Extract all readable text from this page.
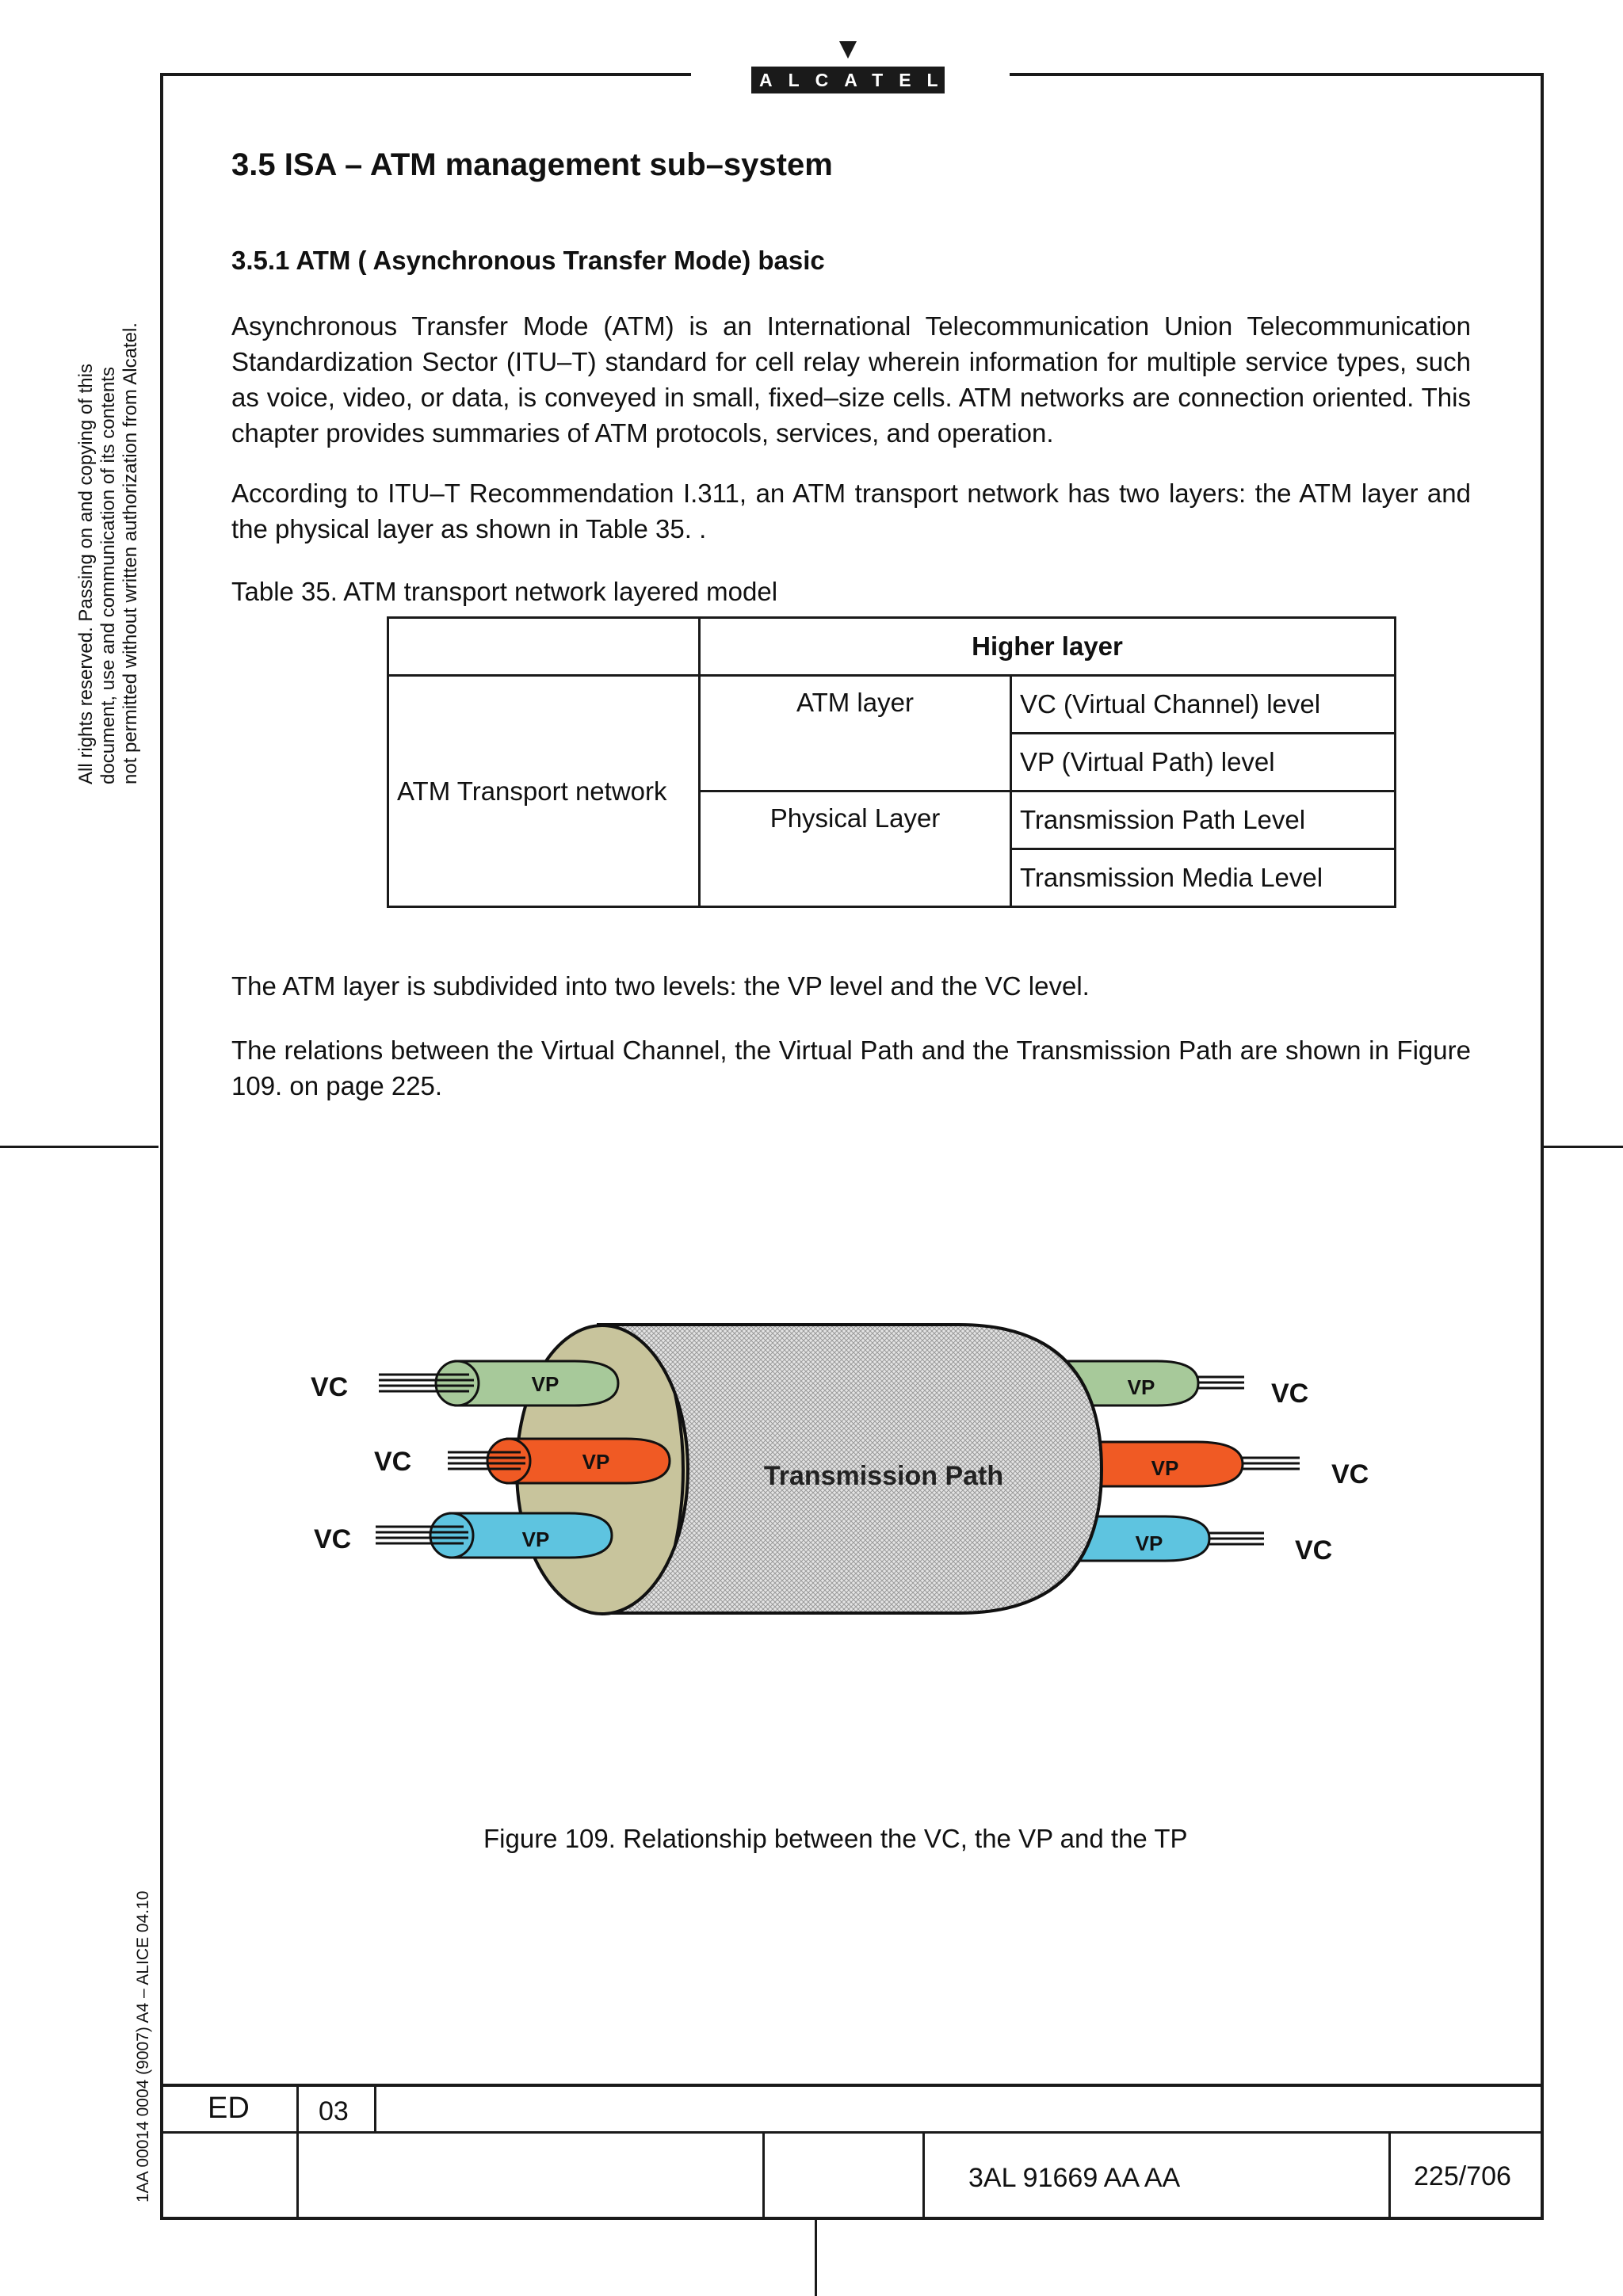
ALCATEL
All rights reserved. Passing on and copying of this document, use and communication of its contents not permitted without written authorization from Alcatel.
1AA 00014 0004 (9007) A4 – ALICE 04.10
3.5 ISA – ATM management sub–system
3.5.1 ATM ( Asynchronous Transfer Mode) basic
Asynchronous Transfer Mode (ATM) is an International Telecommunication Union Telecommunication Standardization Sector (ITU–T) standard for cell relay wherein information for multiple service types, such as voice, video, or data, is conveyed in small, fixed–size cells. ATM networks are connection oriented. This chapter provides summaries of ATM protocols, services, and operation.
According to ITU–T Recommendation I.311, an ATM transport network has two layers: the ATM layer and the physical layer as shown in Table 35. .
Table 35. ATM transport network layered model
	Higher layer	
ATM Transport network	ATM layer	VC (Virtual Channel) level
		VP (Virtual Path) level
	Physical Layer	Transmission Path Level
		Transmission Media Level
The ATM layer is subdivided into two levels: the VP level and the VC level.
The relations between the Virtual Channel, the Virtual Path and the Transmission Path are shown in Figure 109. on page 225.
VP
VP
VP
Transmission Path
VP
VP
VP
VC
VC
VC
VC
VC
VC
Figure 109. Relationship between the VC, the VP and the TP
ED	03
3AL 91669 AA AA	225/706
